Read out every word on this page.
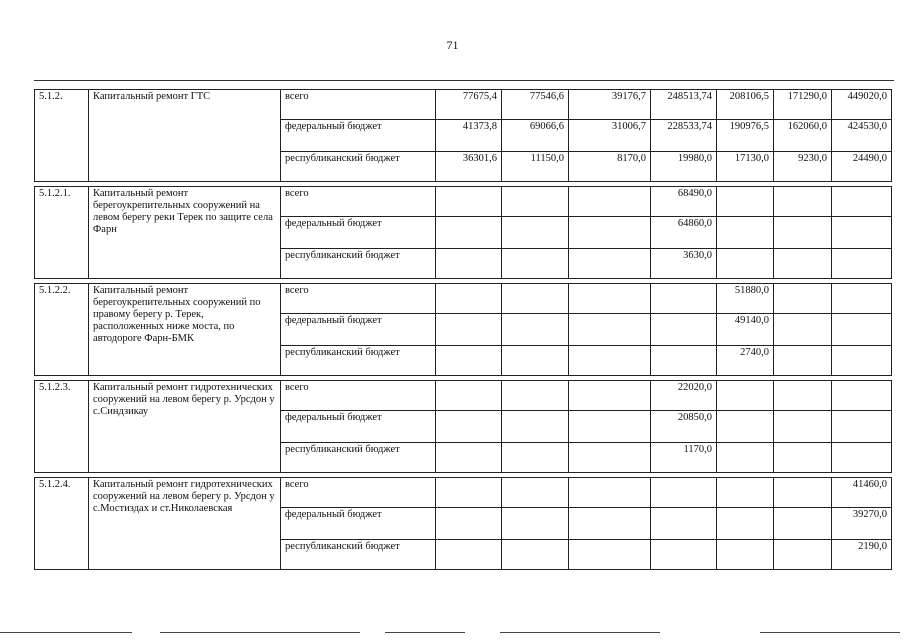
71
5.1.2.	Капитальный ремонт ГТС	всего	77675,4	77546,6	39176,7	248513,74	208106,5	171290,0	449020,0
		федеральный бюджет	41373,8	69066,6	31006,7	228533,74	190976,5	162060,0	424530,0
		республиканский бюджет	36301,6	11150,0	8170,0	19980,0	17130,0	9230,0	24490,0

5.1.2.1.	Капитальный ремонт берегоукрепительных сооружений на левом берегу реки Терек по защите села Фарн	всего				68490,0			
		федеральный бюджет				64860,0			
		республиканский бюджет				3630,0			

5.1.2.2.	Капитальный ремонт берегоукрепительных сооружений по правому берегу р. Терек, расположенных ниже моста, по автодороге Фарн-БМК	всего					51880,0		
		федеральный бюджет					49140,0		
		республиканский бюджет					2740,0		

5.1.2.3.	Капитальный ремонт гидротехнических сооружений на левом берегу р. Урсдон у с.Синдзикау	всего				22020,0			
		федеральный бюджет				20850,0			
		республиканский бюджет				1170,0			

5.1.2.4.	Капитальный ремонт гидротехнических сооружений на левом берегу р. Урсдон у с.Мостиздах и ст.Николаевская	всего							41460,0
		федеральный бюджет							39270,0
		республиканский бюджет							2190,0
